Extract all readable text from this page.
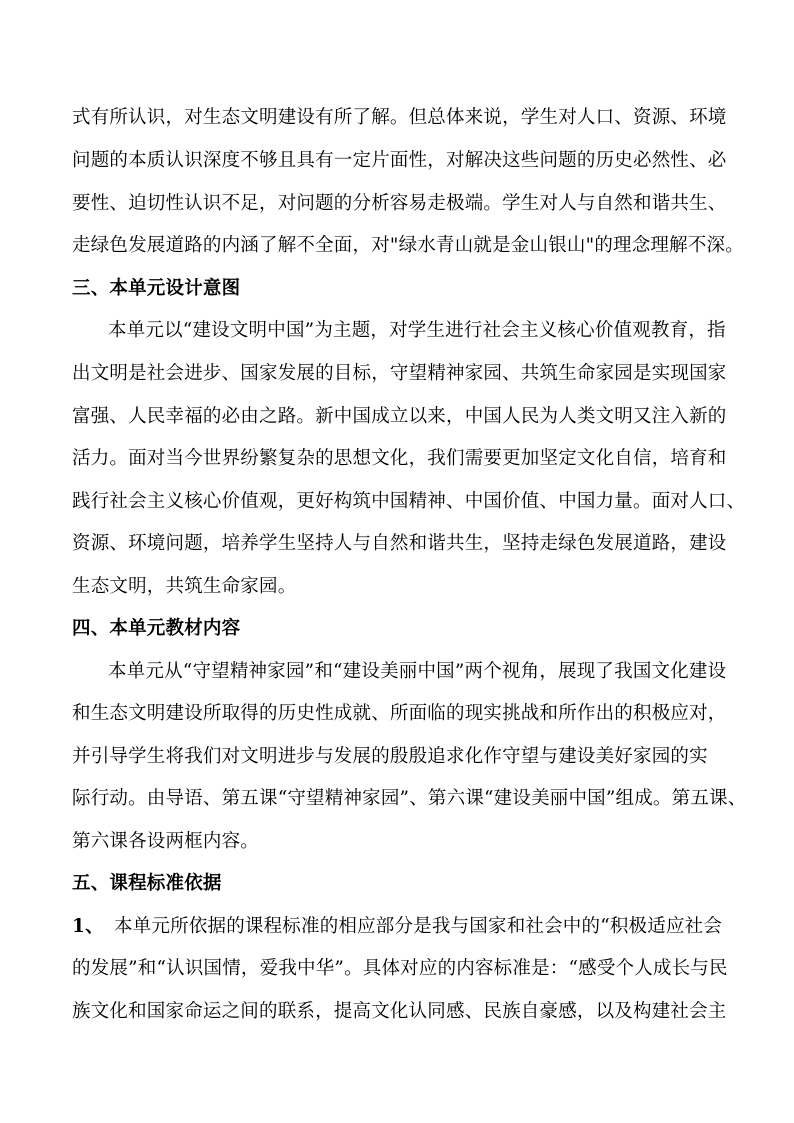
式有所认识，对生态文明建设有所了解。但总体来说，学生对人口、资源、环境
问题的本质认识深度不够且具有一定片面性，对解决这些问题的历史必然性、必
要性、迫切性认识不足，对问题的分析容易走极端。学生对人与自然和谐共生、
走绿色发展道路的内涵了解不全面，对"绿水青山就是金山银山"的理念理解不深。
三、本单元设计意图
本单元以“建设文明中国”为主题，对学生进行社会主义核心价值观教育，指
出文明是社会进步、国家发展的目标，守望精神家园、共筑生命家园是实现国家
富强、人民幸福的必由之路。新中国成立以来，中国人民为人类文明又注入新的
活力。面对当今世界纷繁复杂的思想文化，我们需要更加坚定文化自信，培育和
践行社会主义核心价值观，更好构筑中国精神、中国价值、中国力量。面对人口、
资源、环境问题，培养学生坚持人与自然和谐共生，坚持走绿色发展道路，建设
生态文明，共筑生命家园。
四、本单元教材内容
本单元从“守望精神家园”和“建设美丽中国”两个视角，展现了我国文化建设
和生态文明建设所取得的历史性成就、所面临的现实挑战和所作出的积极应对，
并引导学生将我们对文明进步与发展的殷殷追求化作守望与建设美好家园的实
际行动。由导语、第五课“守望精神家园”、第六课“建设美丽中国”组成。第五课、
第六课各设两框内容。
五、课程标准依据
1、 本单元所依据的课程标准的相应部分是我与国家和社会中的“积极适应社会
的发展”和“认识国情，爱我中华”。具体对应的内容标准是：“感受个人成长与民
族文化和国家命运之间的联系，提高文化认同感、民族自豪感，以及构建社会主
